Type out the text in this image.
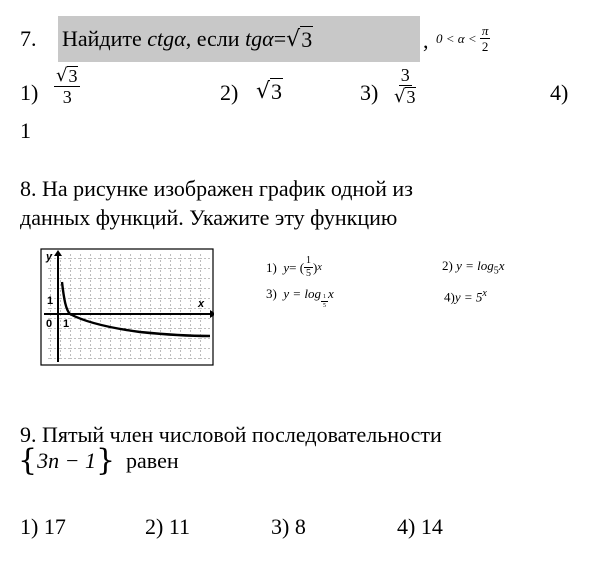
7. Найдите
ctgα , если
tgα = √ 3	, 0 < α <
$\frac{\pi}{2}$
$1) \frac{√ 3}{3}$	2) √ 3	$3) \frac{3}{√ 3}$	4)
1
8. На рисунке изображен график одной из
данных функций. Укажите эту функцию
y
x
1
0 1
1)
y = ( $\frac{1}{5}$ ) x	2) $y = \log_5x$
3)
y = log
$\frac{1}{5}$
x	$4)y = 5^x$
9. Пятый член числовой последовательности
{ 3n − 1 }
равен
1) 17	2) 11	3) 8	4) 14
